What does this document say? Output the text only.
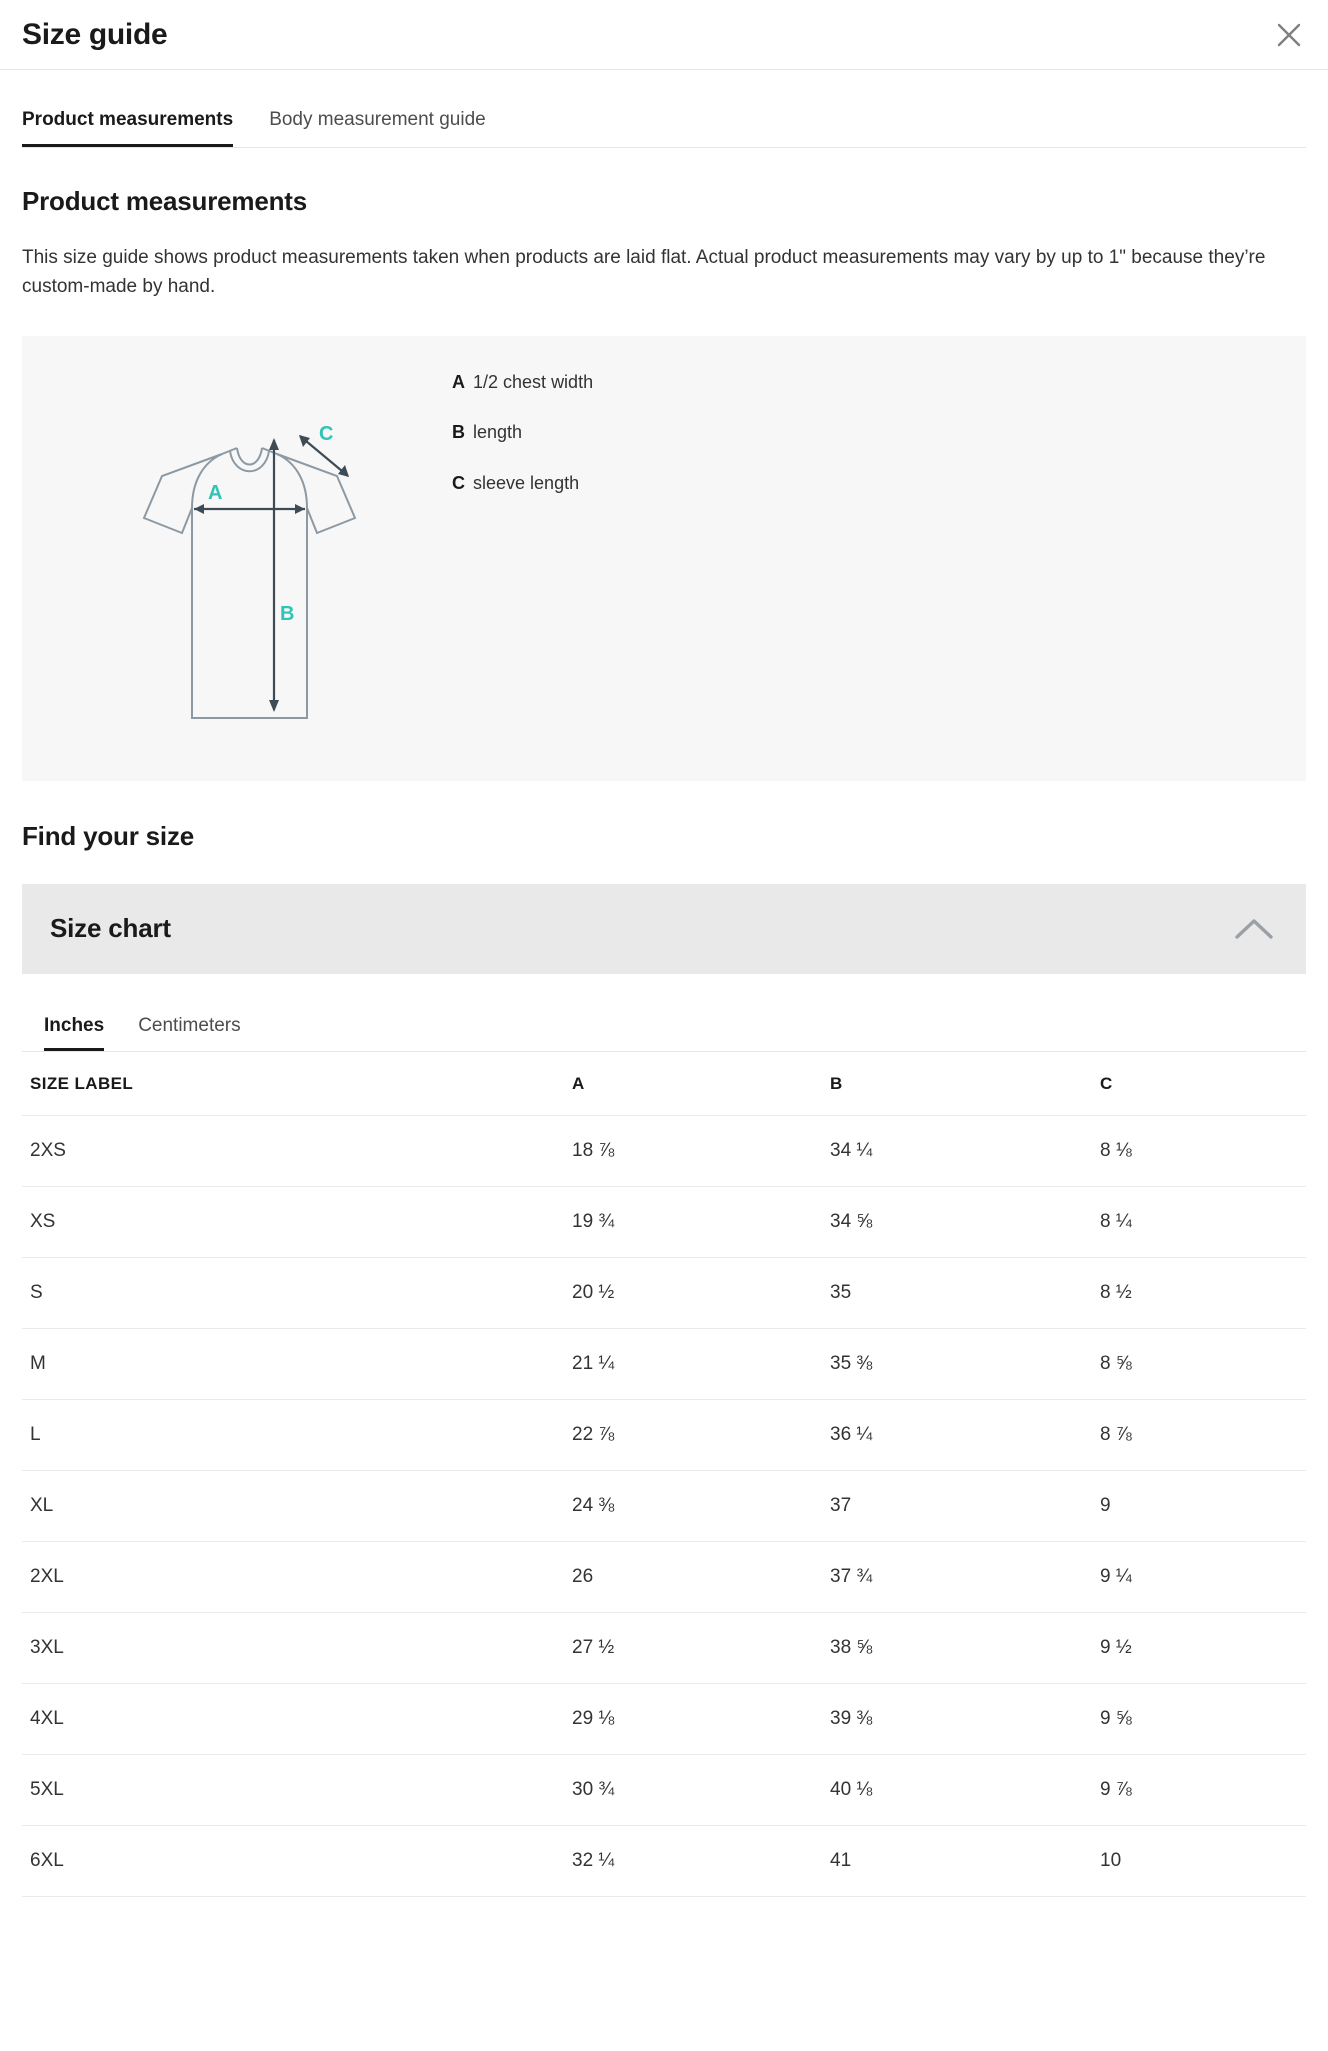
Size guide
Product measurements Body measurement guide
Product measurements

This size guide shows product measurements taken when products are laid flat. Actual product measurements may vary by up to 1" because they’re custom-made by hand.

A
B
C
A 1/2 chest width
B length
C sleeve length
Find your size
Size chart
Inches Centimeters
SIZE LABEL	A	B	C
2XS	18 ⅞	34 ¼	8 ⅛
XS	19 ¾	34 ⅝	8 ¼
S	20 ½	35	8 ½
M	21 ¼	35 ⅜	8 ⅝
L	22 ⅞	36 ¼	8 ⅞
XL	24 ⅜	37	9
2XL	26	37 ¾	9 ¼
3XL	27 ½	38 ⅝	9 ½
4XL	29 ⅛	39 ⅜	9 ⅝
5XL	30 ¾	40 ⅛	9 ⅞
6XL	32 ¼	41	10
